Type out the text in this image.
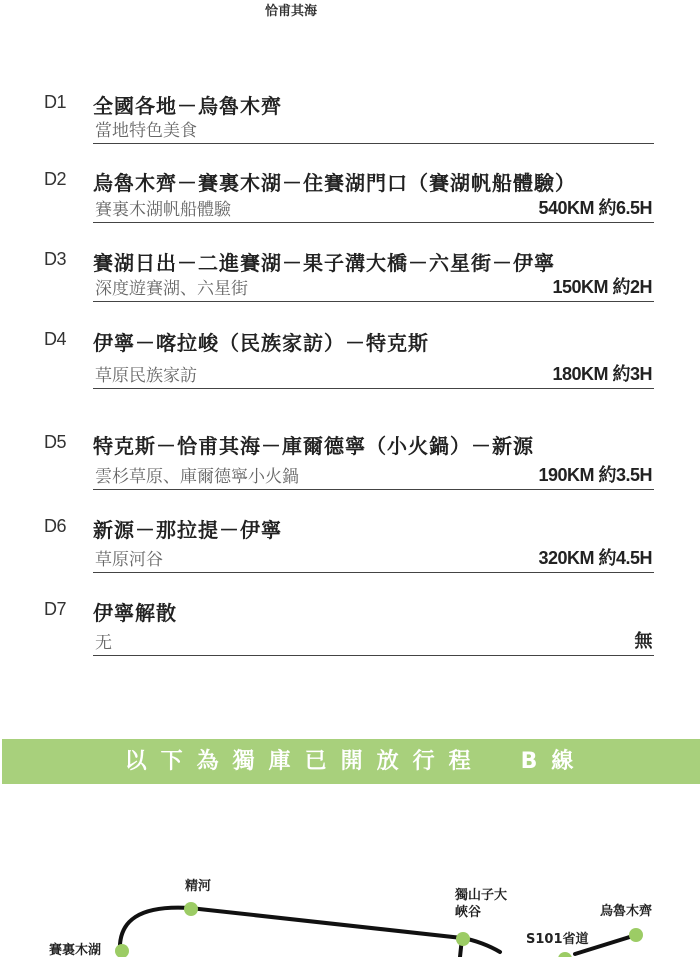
恰甫其海
D1 全國各地－烏魯木齊
當地特色美食
D2 烏魯木齊－賽裏木湖－住賽湖門口（賽湖帆船體驗）
賽裏木湖帆船體驗	540KM 約6.5H
D3 賽湖日出－二進賽湖－果子溝大橋－六星街－伊寧
深度遊賽湖、六星街	150KM 約2H
D4 伊寧－喀拉峻（民族家訪）－特克斯
草原民族家訪	180KM 約3H
D5 特克斯－恰甫其海－庫爾德寧（小火鍋）－新源
雲杉草原、庫爾德寧小火鍋	190KM 約3.5H
D6 新源－那拉提－伊寧
草原河谷	320KM 約4.5H
D7 伊寧解散
无	無
以下為獨庫已開放行程　B線
精河
賽裏木湖
獨山子大峽谷
S101省道
烏魯木齊
